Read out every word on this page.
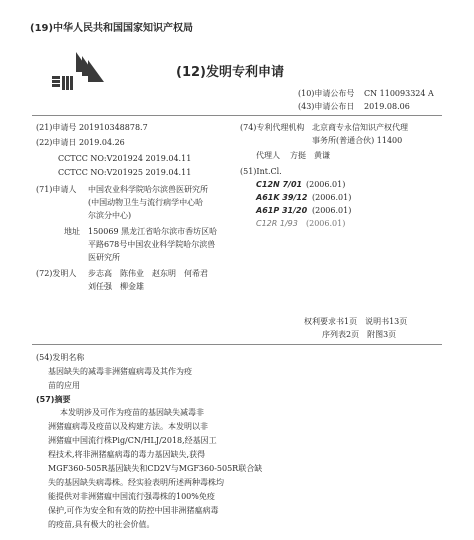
(19)中华人民共和国国家知识产权局
(12)发明专利申请
(10)申请公布号 CN 110093324 A
(43)申请公布日 2019.08.06
(21)申请号 201910348878.7
(22)申请日 2019.04.26
CCTCC NO:V201924 2019.04.11
CCTCC NO:V201925 2019.04.11
(71)申请人 中国农业科学院哈尔滨兽医研究所
(中国动物卫生与流行病学中心哈
尔滨分中心)
地址 150069 黑龙江省哈尔滨市香坊区哈
平路678号中国农业科学院哈尔滨兽
医研究所
(72)发明人 步志高　陈伟业　赵东明　何希君
刘任强　柳金雄
(74)专利代理机构 北京商专永信知识产权代理
事务所(普通合伙) 11400
代理人 方挺　黄谦
(51)Int.Cl.
C12N 7/01 (2006.01)
A61K 39/12 (2006.01)
A61P 31/20 (2006.01)
C12R 1/93 (2006.01)
权利要求书1页　说明书13页
序列表2页　附图3页
(54)发明名称
基因缺失的减毒非洲猪瘟病毒及其作为疫
苗的应用
(57)摘要
本发明涉及可作为疫苗的基因缺失减毒非
洲猪瘟病毒及疫苗以及构建方法。本发明以非
洲猪瘟中国流行株Pig/CN/HLJ/2018,经基因工
程技术,将非洲猪瘟病毒的毒力基因缺失,获得
MGF360-505R基因缺失和CD2V与MGF360-505R联合缺
失的基因缺失病毒株。经实验表明所述两种毒株均
能提供对非洲猪瘟中国流行强毒株的100%免疫
保护,可作为安全和有效的防控中国非洲猪瘟病毒
的疫苗,具有极大的社会价值。
